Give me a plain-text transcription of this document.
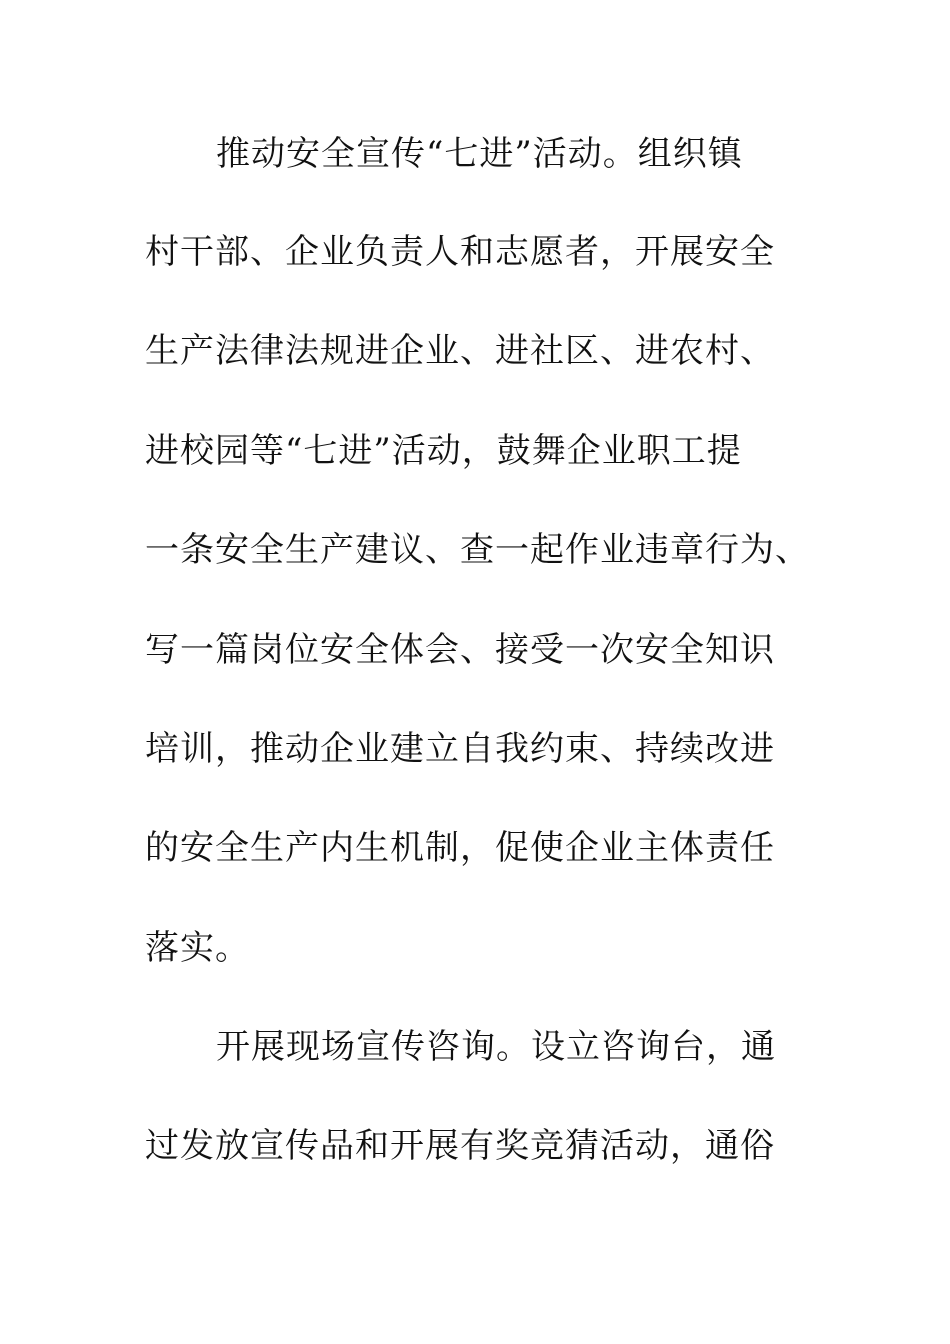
推动安全宣传“七进”活动。组织镇
村干部、企业负责人和志愿者，开展安全
生产法律法规进企业、进社区、进农村、
进校园等“七进”活动，鼓舞企业职工提
一条安全生产建议、查一起作业违章行为、
写一篇岗位安全体会、接受一次安全知识
培训，推动企业建立自我约束、持续改进
的安全生产内生机制，促使企业主体责任
落实。
开展现场宣传咨询。设立咨询台，通
过发放宣传品和开展有奖竞猜活动，通俗
